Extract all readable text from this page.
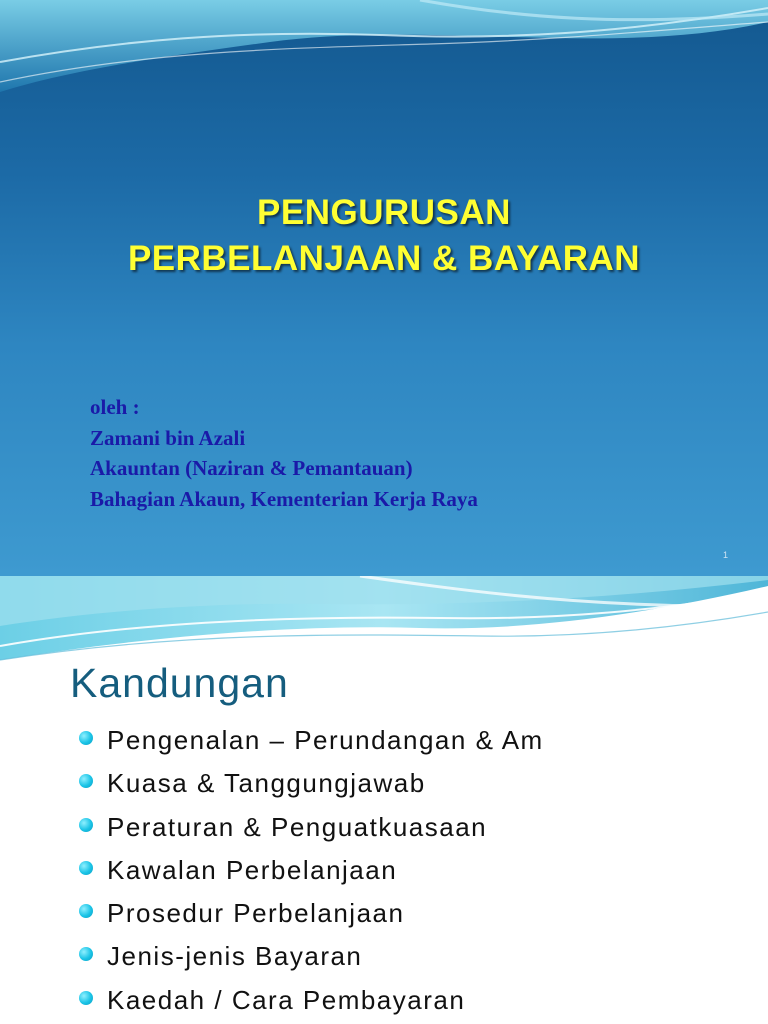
PENGURUSAN
PERBELANJAAN & BAYARAN
oleh :
Zamani bin Azali
Akauntan (Naziran & Pemantauan)
Bahagian Akaun, Kementerian Kerja Raya
1
Kandungan
Pengenalan – Perundangan & Am
Kuasa & Tanggungjawab
Peraturan & Penguatkuasaan
Kawalan Perbelanjaan
Prosedur Perbelanjaan
Jenis-jenis Bayaran
Kaedah / Cara Pembayaran
